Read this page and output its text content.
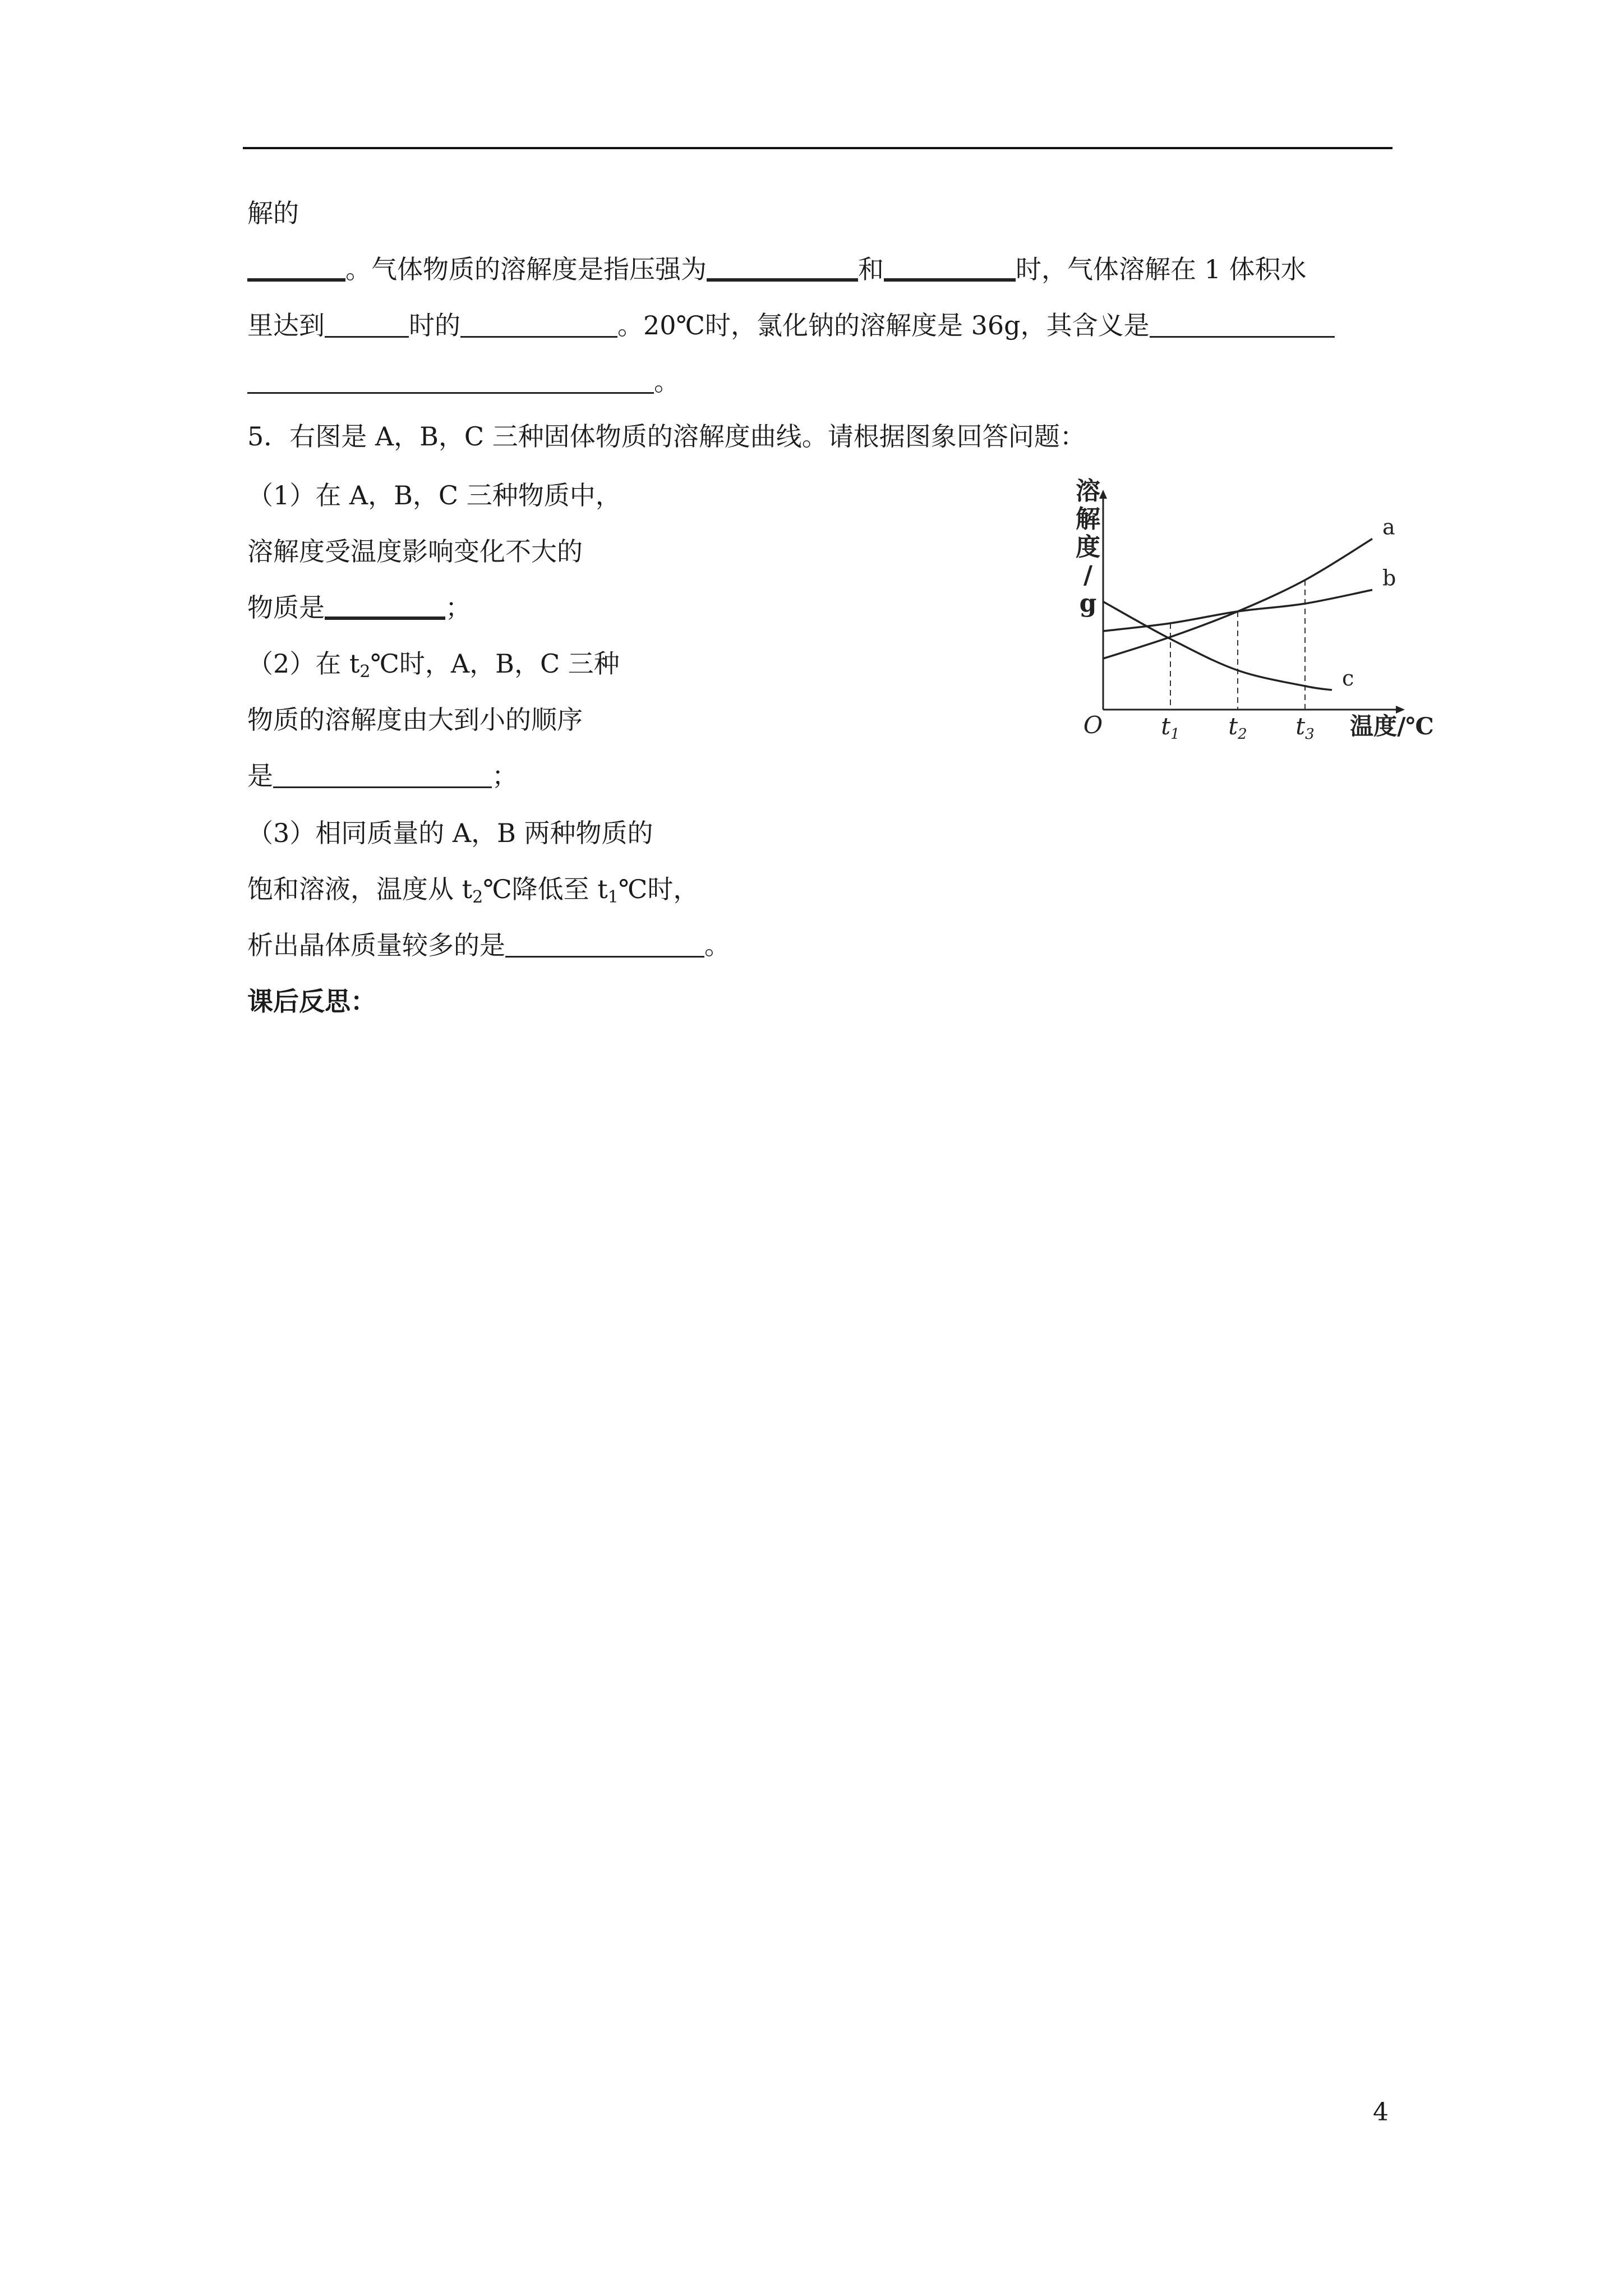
解的
。气体物质的溶解度是指压强为	和	时，气体溶解在 1 体积水
里达到	时的	。20℃时，氯化钠的溶解度是 36g，其含义是
。
5．右图是 A，B，C 三种固体物质的溶解度曲线。请根据图象回答问题：
（1）在 A，B，C 三种物质中，
溶解度受温度影响变化不大的
物质是	；
（2）在 $t_2℃$时，A，B，C 三种
物质的溶解度由大到小的顺序
是	；
（3）相同质量的 A，B 两种物质的
饱和溶液，温度从 $t_2℃$降低至 $t_1℃$时，
析出晶体质量较多的是	。
课后反思：
溶
解
度
/
g
O t1 t2 t3 温度/℃
a
b
c
4
